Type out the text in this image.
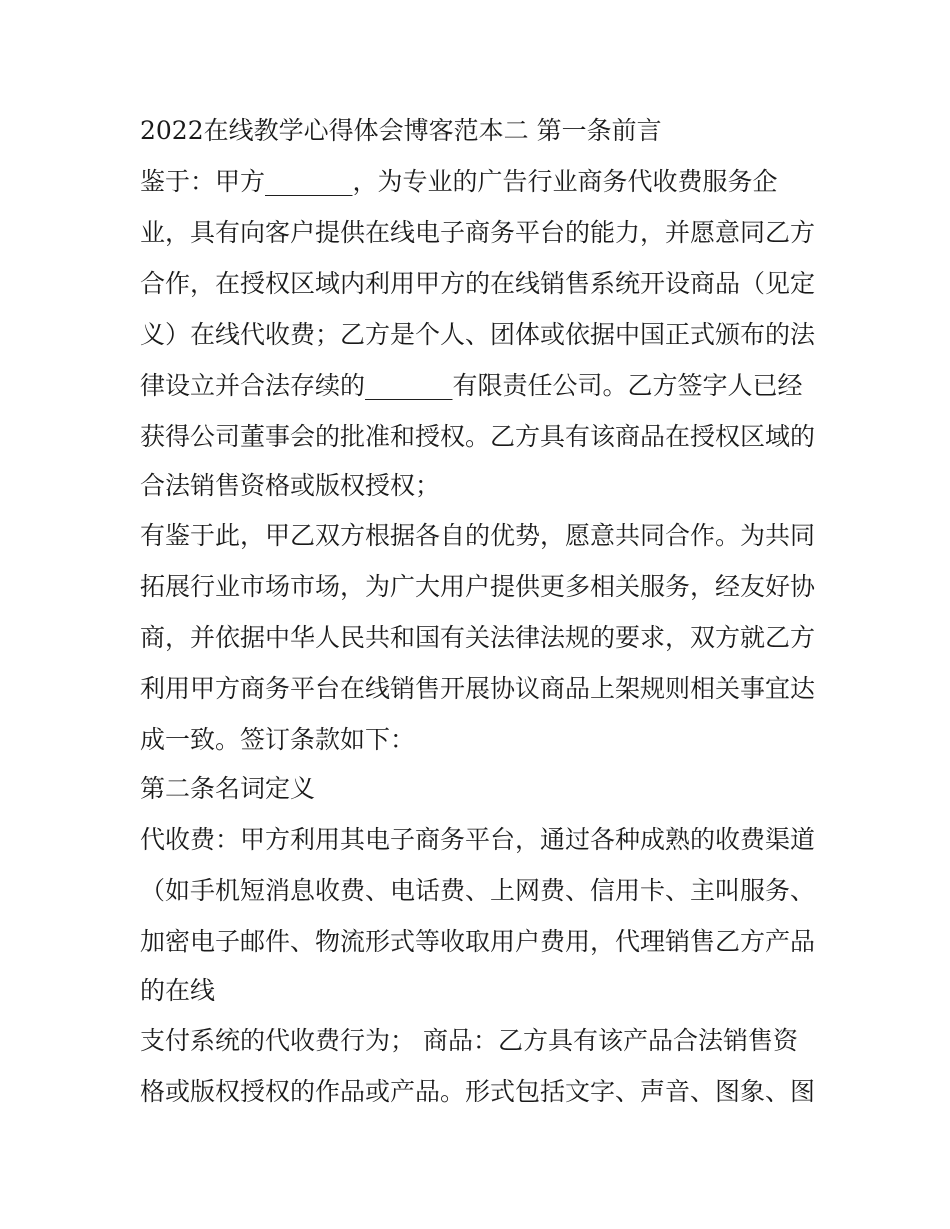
2022在线教学心得体会博客范本二 第一条前言

鉴于：甲方_______，为专业的广告行业商务代收费服务企

业，具有向客户提供在线电子商务平台的能力，并愿意同乙方

合作，在授权区域内利用甲方的在线销售系统开设商品（见定

义）在线代收费；乙方是个人、团体或依据中国正式颁布的法

律设立并合法存续的_______有限责任公司。乙方签字人已经

获得公司董事会的批准和授权。乙方具有该商品在授权区域的

合法销售资格或版权授权；

有鉴于此，甲乙双方根据各自的优势，愿意共同合作。为共同

拓展行业市场市场，为广大用户提供更多相关服务，经友好协

商，并依据中华人民共和国有关法律法规的要求，双方就乙方

利用甲方商务平台在线销售开展协议商品上架规则相关事宜达

成一致。签订条款如下：

第二条名词定义

代收费：甲方利用其电子商务平台，通过各种成熟的收费渠道

（如手机短消息收费、电话费、上网费、信用卡、主叫服务、

加密电子邮件、物流形式等收取用户费用，代理销售乙方产品

的在线

支付系统的代收费行为； 商品：乙方具有该产品合法销售资

格或版权授权的作品或产品。形式包括文字、声音、图象、图
